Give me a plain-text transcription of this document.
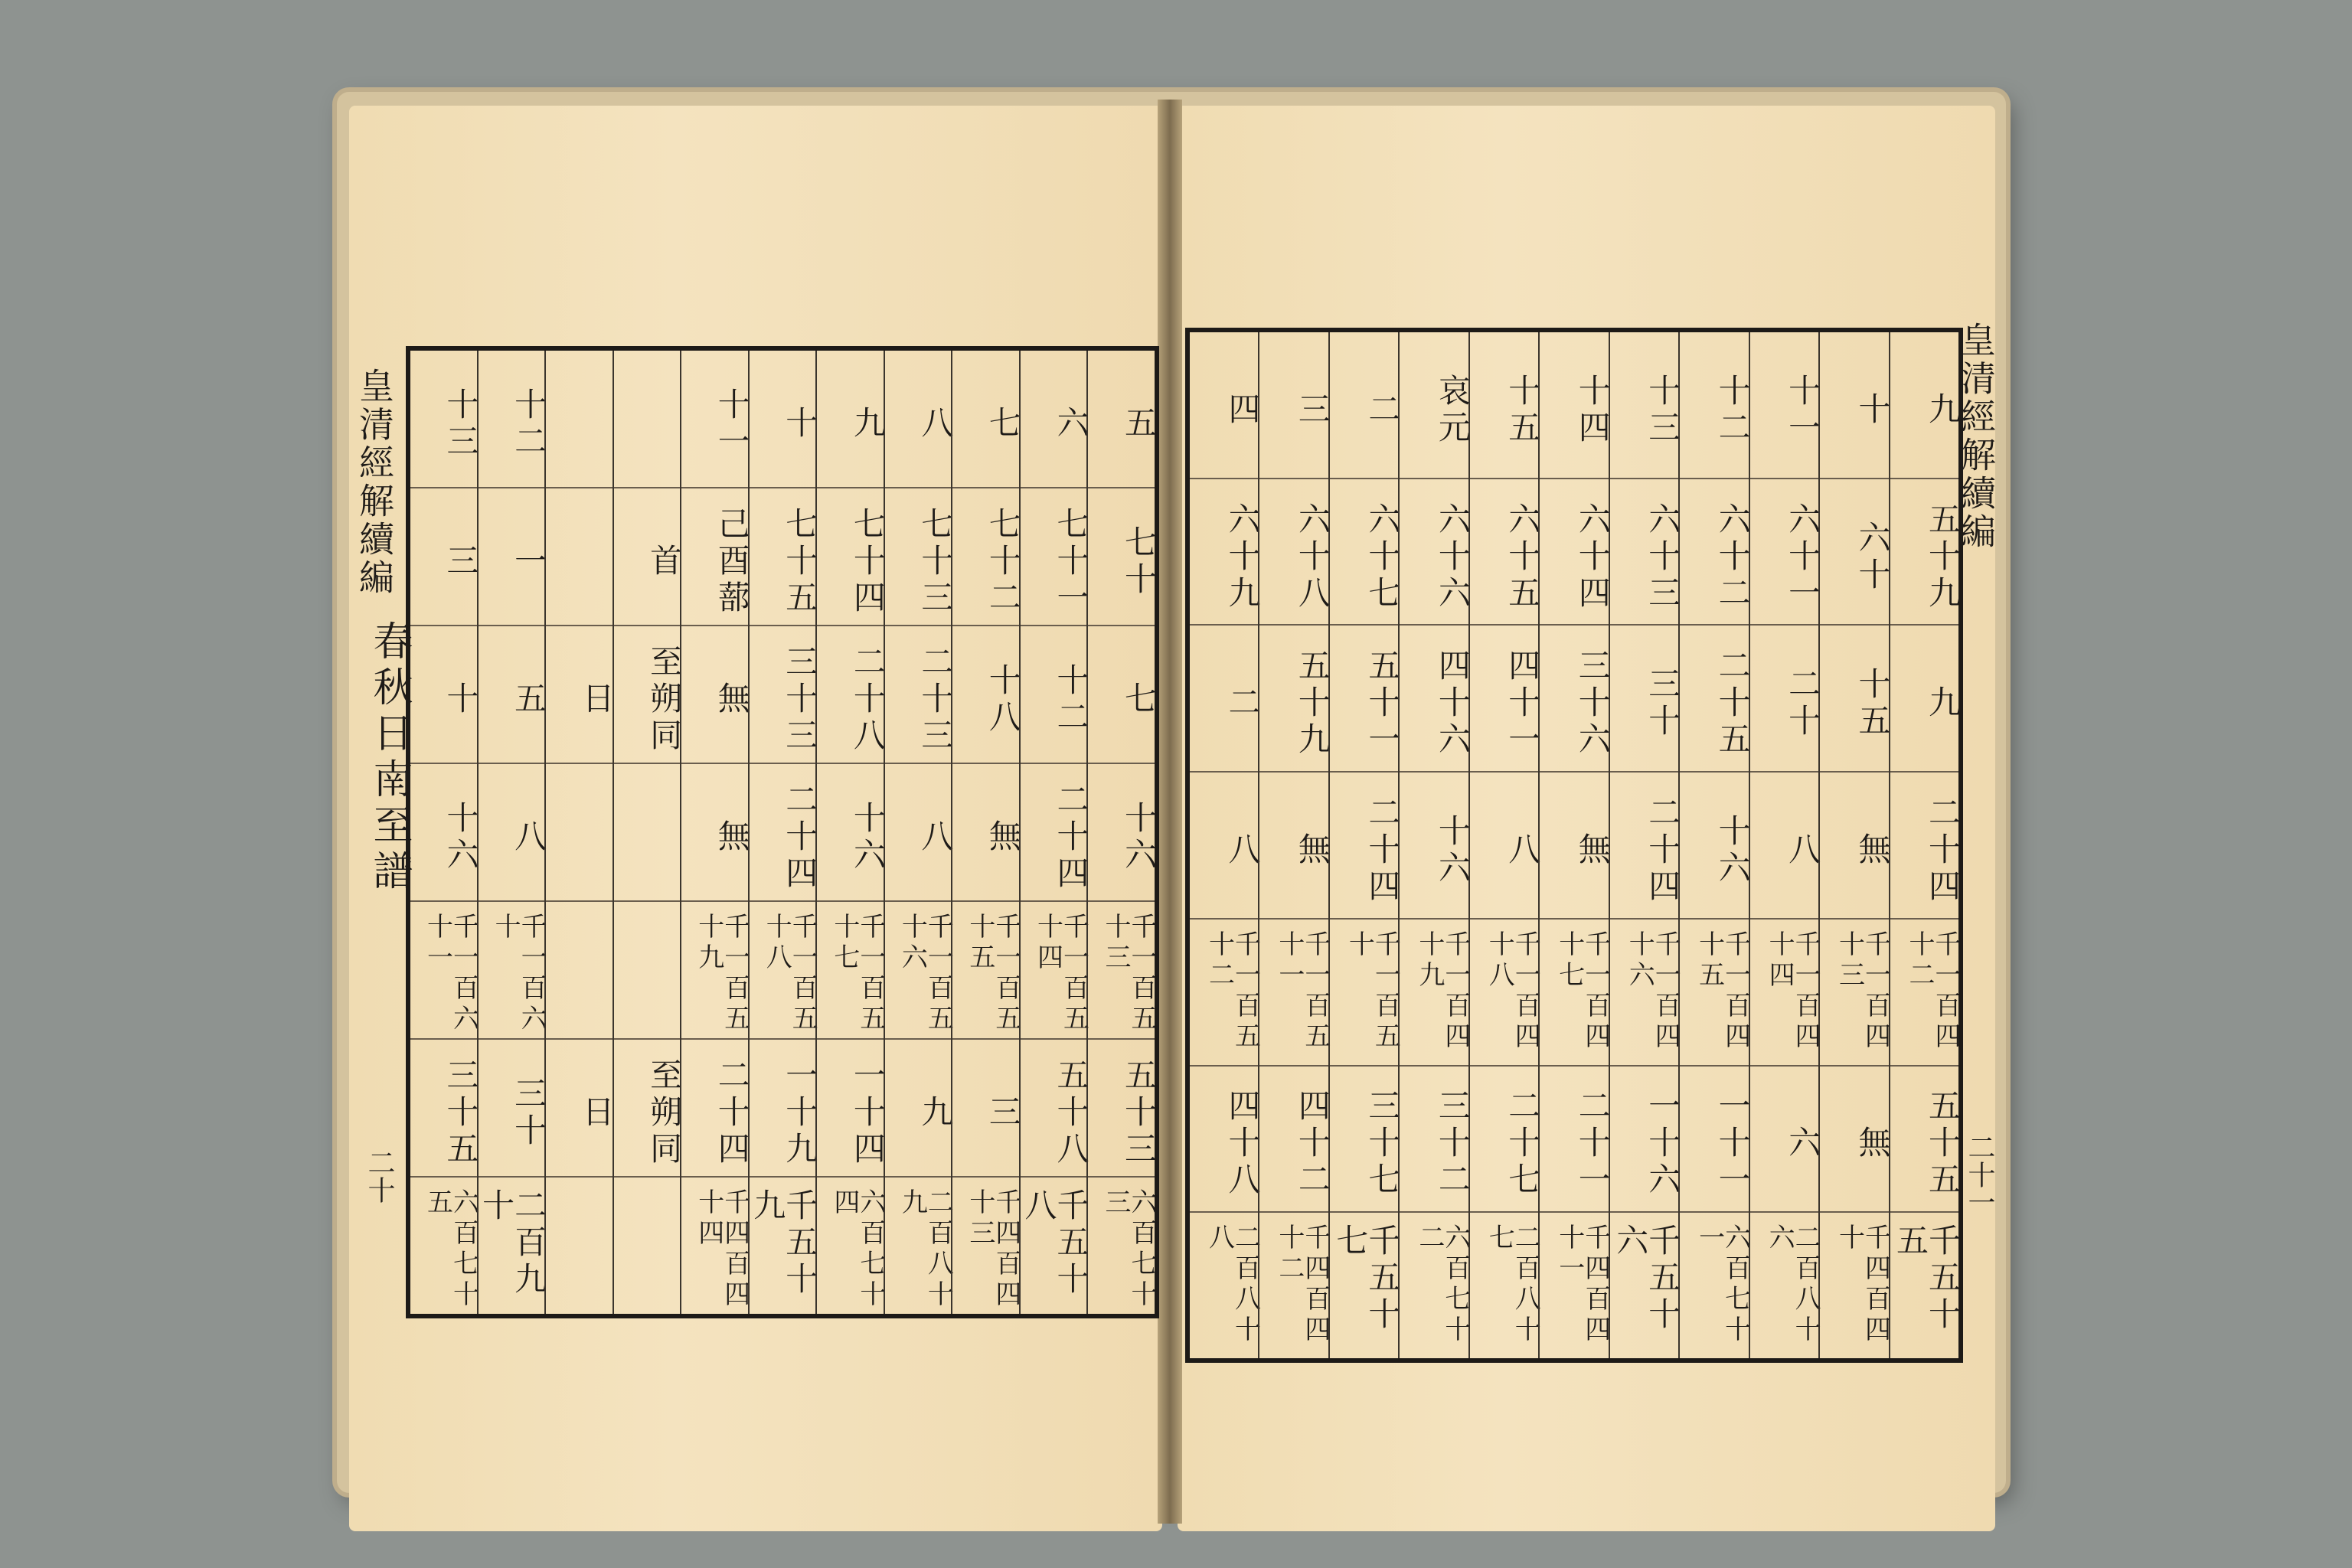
皇清經解續編
春秋日南至譜
二十
皇清經解續編
二十一
五
七十
七
十六
千一百五十三
五十三
六百七十三
六
七十一
十二
二十四
千一百五十四
五十八
千五十八
七
七十二
十八
無
千一百五十五
三
千四百四十三
八
七十三
二十三
八
千一百五十六
九
二百八十九
九
七十四
二十八
十六
千一百五十七
一十四
六百七十四
十
七十五
三十三
二十四
千一百五十八
一十九
千五十九
十一
己酉蔀
無
無
千一百五十九
二十四
千四百四十四
首
至朔同
至朔同
日
日
十二
一
五
八
千一百六十
三十
二百九十
十三
三
十
十六
千一百六十一
三十五
六百七十五
九
五十九
九
二十四
千一百四十二
五十五
千五十五
十
六十
十五
無
千一百四十三
無
千四百四十
十一
六十一
二十
八
千一百四十四
六
二百八十六
十二
六十二
二十五
十六
千一百四十五
一十一
六百七十一
十三
六十三
三十
二十四
千一百四十六
一十六
千五十六
十四
六十四
三十六
無
千一百四十七
二十一
千四百四十一
十五
六十五
四十一
八
千一百四十八
二十七
二百八十七
哀元
六十六
四十六
十六
千一百四十九
三十二
六百七十二
二
六十七
五十一
二十四
千一百五十
三十七
千五十七
三
六十八
五十九
無
千一百五十一
四十二
千四百四十二
四
六十九
二
八
千一百五十二
四十八
二百八十八
